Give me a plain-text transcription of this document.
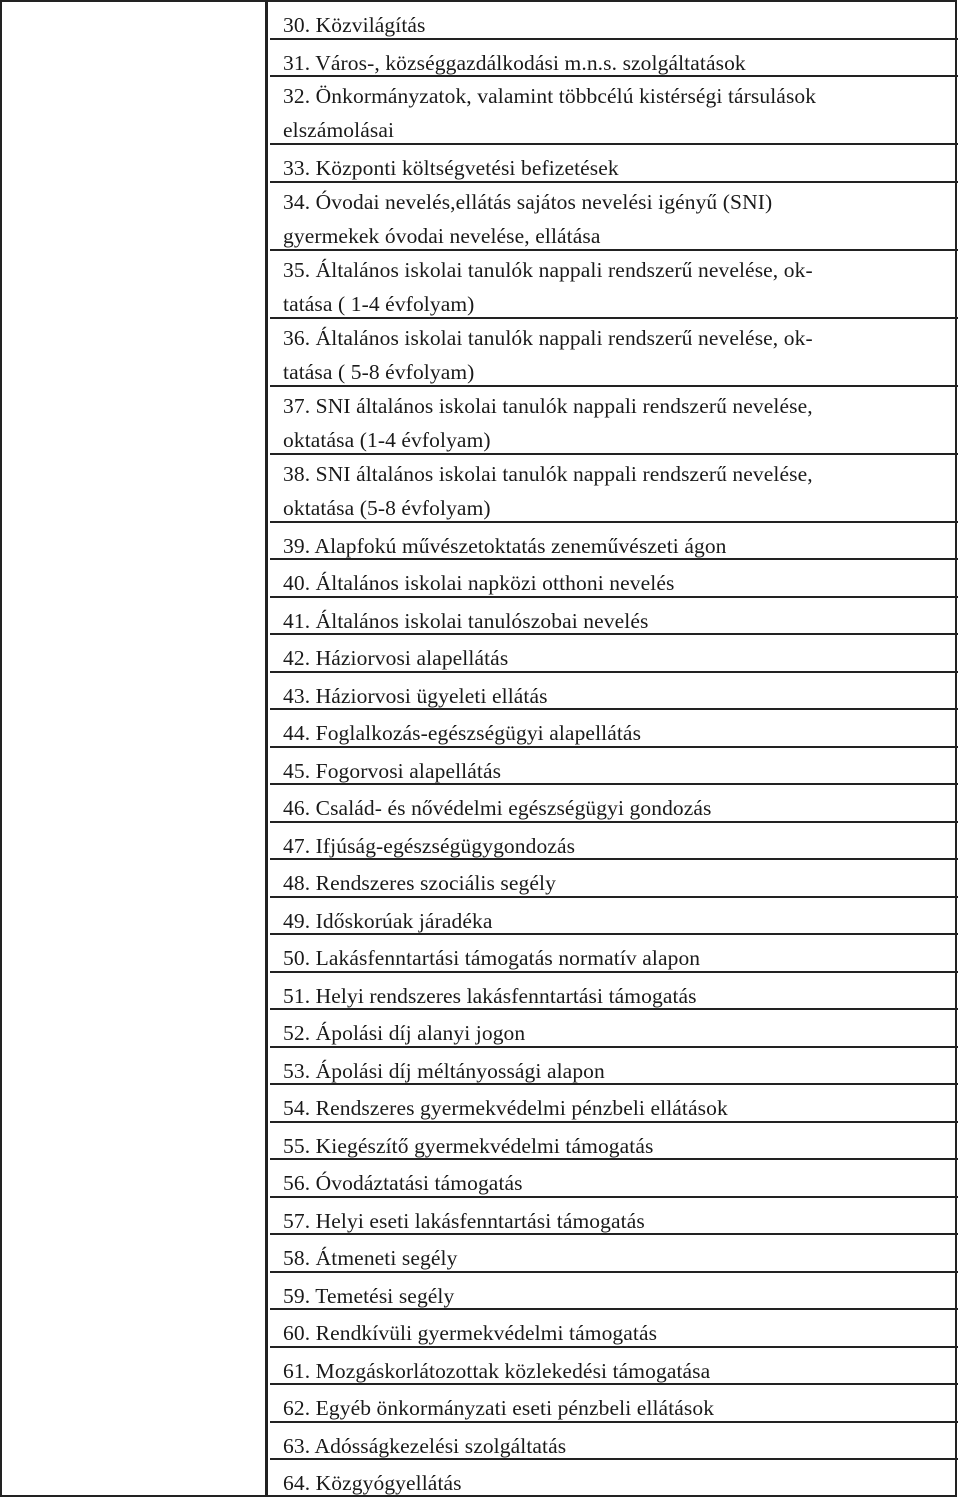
30. Közvilágítás
31. Város-, községgazdálkodási m.n.s. szolgáltatások
32. Önkormányzatok, valamint többcélú kistérségi társulások
elszámolásai
33. Központi költségvetési befizetések
34. Óvodai nevelés,ellátás sajátos nevelési igényű (SNI)
gyermekek óvodai nevelése, ellátása
35. Általános iskolai tanulók nappali rendszerű nevelése, ok-
tatása ( 1-4 évfolyam)
36. Általános iskolai tanulók nappali rendszerű nevelése, ok-
tatása ( 5-8 évfolyam)
37. SNI általános iskolai tanulók nappali rendszerű nevelése,
oktatása (1-4 évfolyam)
38. SNI általános iskolai tanulók nappali rendszerű nevelése,
oktatása (5-8 évfolyam)
39. Alapfokú művészetoktatás zeneművészeti ágon
40. Általános iskolai napközi otthoni nevelés
41. Általános iskolai tanulószobai nevelés
42. Háziorvosi alapellátás
43. Háziorvosi ügyeleti ellátás
44. Foglalkozás-egészségügyi alapellátás
45. Fogorvosi alapellátás
46. Család- és nővédelmi egészségügyi gondozás
47. Ifjúság-egészségügygondozás
48. Rendszeres szociális segély
49. Időskorúak járadéka
50. Lakásfenntartási támogatás normatív alapon
51. Helyi rendszeres lakásfenntartási támogatás
52. Ápolási díj alanyi jogon
53. Ápolási díj méltányossági alapon
54. Rendszeres gyermekvédelmi pénzbeli ellátások
55. Kiegészítő gyermekvédelmi támogatás
56. Óvodáztatási támogatás
57. Helyi eseti lakásfenntartási támogatás
58. Átmeneti segély
59. Temetési segély
60. Rendkívüli gyermekvédelmi támogatás
61. Mozgáskorlátozottak közlekedési támogatása
62. Egyéb önkormányzati eseti pénzbeli ellátások
63. Adósságkezelési szolgáltatás
64. Közgyógyellátás
